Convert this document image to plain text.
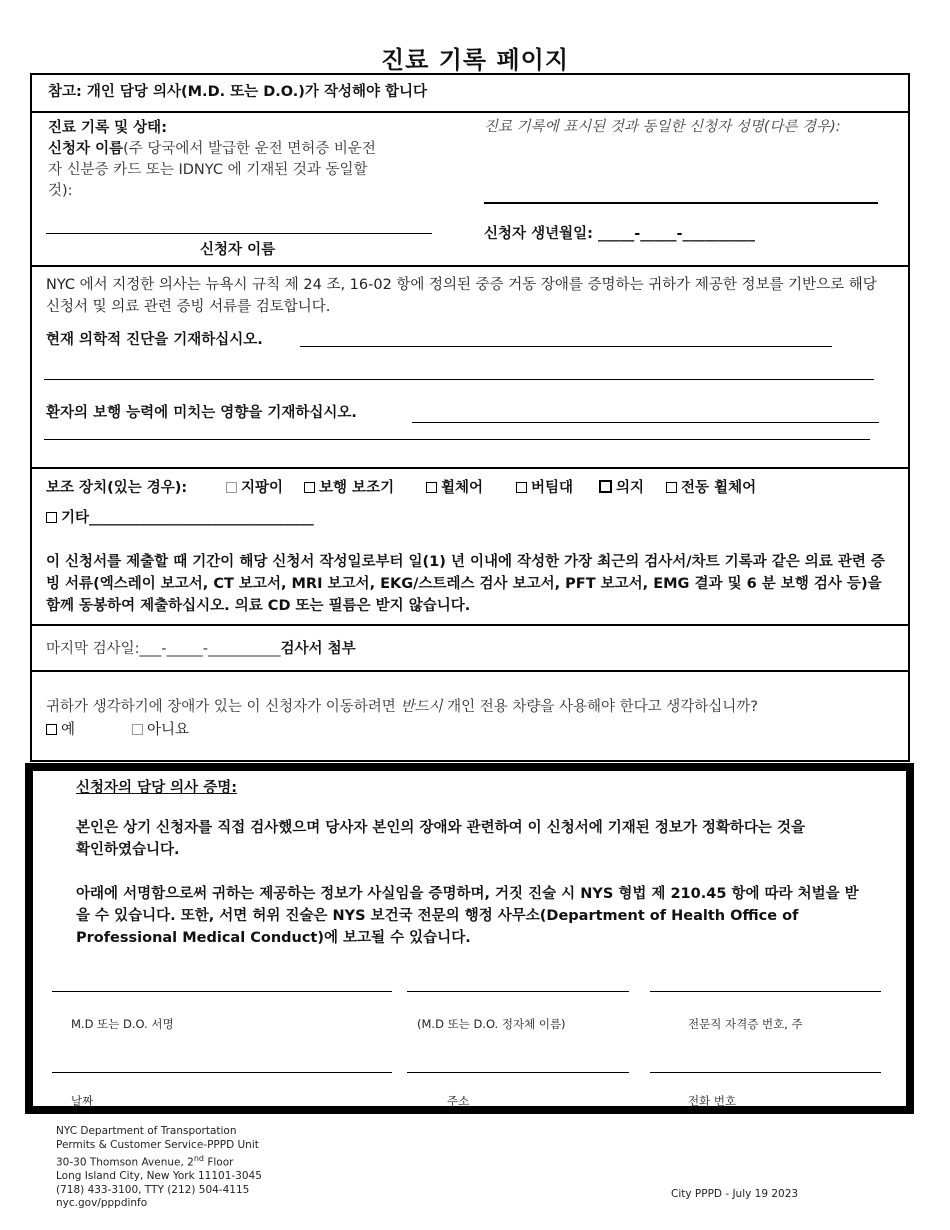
진료 기록 페이지
참고: 개인 담당 의사(M.D. 또는 D.O.)가 작성해야 합니다
진료 기록 및 상태:
신청자 이름(주 당국에서 발급한 운전 면허증 비운전자 신분증 카드 또는 IDNYC 에 기재된 것과 동일할 것):
신청자 이름
진료 기록에 표시된 것과 동일한 신청자 성명(다른 경우):
신청자 생년월일: _____-_____-__________
NYC 에서 지정한 의사는 뉴욕시 규칙 제 24 조, 16-02 항에 정의된 중증 거동 장애를 증명하는 귀하가 제공한 정보를 기반으로 해당 신청서 및 의료 관련 증빙 서류를 검토합니다.
현재 의학적 진단을 기재하십시오.
환자의 보행 능력에 미치는 영향을 기재하십시오.
보조 장치(있는 경우):	지팡이	보행 보조기	휠체어	버팀대	의지	전동 휠체어
기타_______________________________
이 신청서를 제출할 때 기간이 해당 신청서 작성일로부터 일(1) 년 이내에 작성한 가장 최근의 검사서/차트 기록과 같은 의료 관련 증빙 서류(엑스레이 보고서, CT 보고서, MRI 보고서, EKG/스트레스 검사 보고서, PFT 보고서, EMG 결과 및 6 분 보행 검사 등)을 함께 동봉하여 제출하십시오. 의료 CD 또는 필름은 받지 않습니다.
마지막 검사일:___-_____-__________검사서 첨부
귀하가 생각하기에 장애가 있는 이 신청자가 이동하려면 반드시 개인 전용 차량을 사용해야 한다고 생각하십니까?
예	아니요
신청자의 담당 의사 증명:
본인은 상기 신청자를 직접 검사했으며 당사자 본인의 장애와 관련하여 이 신청서에 기재된 정보가 정확하다는 것을 확인하였습니다.
아래에 서명함으로써 귀하는 제공하는 정보가 사실임을 증명하며, 거짓 진술 시 NYS 형법 제 210.45 항에 따라 처벌을 받을 수 있습니다. 또한, 서면 허위 진술은 NYS 보건국 전문의 행정 사무소(Department of Health Office of Professional Medical Conduct)에 보고될 수 있습니다.
M.D 또는 D.O. 서명	(M.D 또는 D.O. 정자체 이름)	전문직 자격증 번호, 주
날짜	주소	전화 번호
NYC Department of Transportation
Permits & Customer Service-PPPD Unit
30-30 Thomson Avenue, 2nd Floor
Long Island City, New York 11101-3045
(718) 433-3100, TTY (212) 504-4115
nyc.gov/pppdinfo
City PPPD - July 19 2023
